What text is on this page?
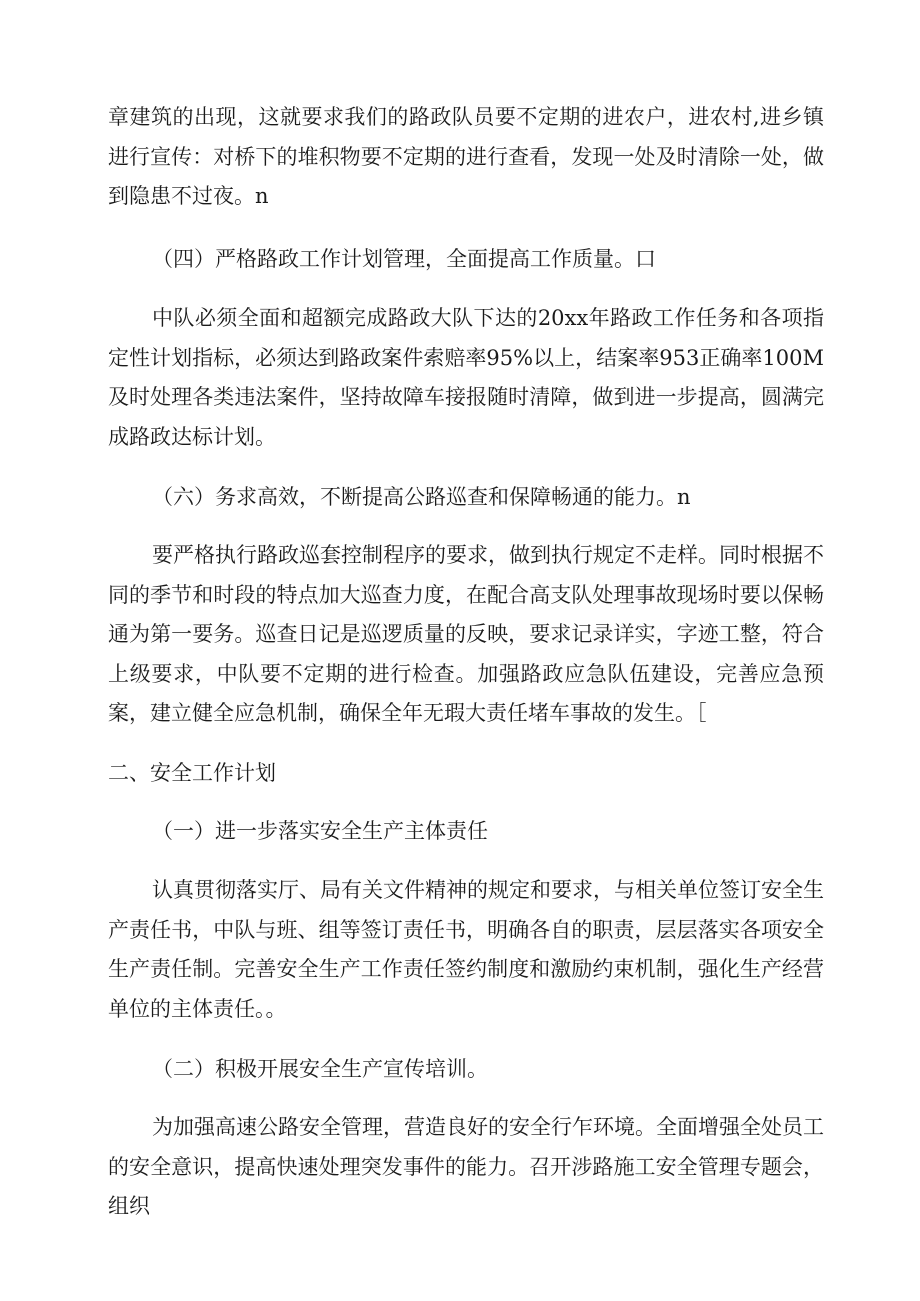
章建筑的出现，这就要求我们的路政队员要不定期的进农户，进农村,进乡镇进行宣传：对桥下的堆积物要不定期的进行查看，发现一处及时清除一处，做到隐患不过夜。n

（四）严格路政工作计划管理，全面提高工作质量。口

中队必须全面和超额完成路政大队下达的20xx年路政工作任务和各项指定性计划指标，必须达到路政案件索赔率95%以上，结案率953正确率100M及时处理各类违法案件，坚持故障车接报随时清障，做到进一步提高，圆满完成路政达标计划。

（六）务求高效，不断提高公路巡查和保障畅通的能力。n

要严格执行路政巡套控制程序的要求，做到执行规定不走样。同时根据不同的季节和时段的特点加大巡查力度，在配合高支队处理事故现场时要以保畅通为第一要务。巡查日记是巡逻质量的反映，要求记录详实，字迹工整，符合上级要求，中队要不定期的进行检查。加强路政应急队伍建设，完善应急预案，建立健全应急机制，确保全年无瑕大责任堵车事故的发生。［

二、安全工作计划

（一）进一步落实安全生产主体责任

认真贯彻落实厅、局有关文件精神的规定和要求，与相关单位签订安全生产责任书，中队与班、组等签订责任书，明确各自的职责，层层落实各项安全生产责任制。完善安全生产工作责任签约制度和激励约束机制，强化生产经营单位的主体责任。。

（二）积极开展安全生产宣传培训。

为加强高速公路安全管理，营造良好的安全行乍环境。全面增强全处员工的安全意识，提高快速处理突发事件的能力。召开涉路施工安全管理专题会，组织
